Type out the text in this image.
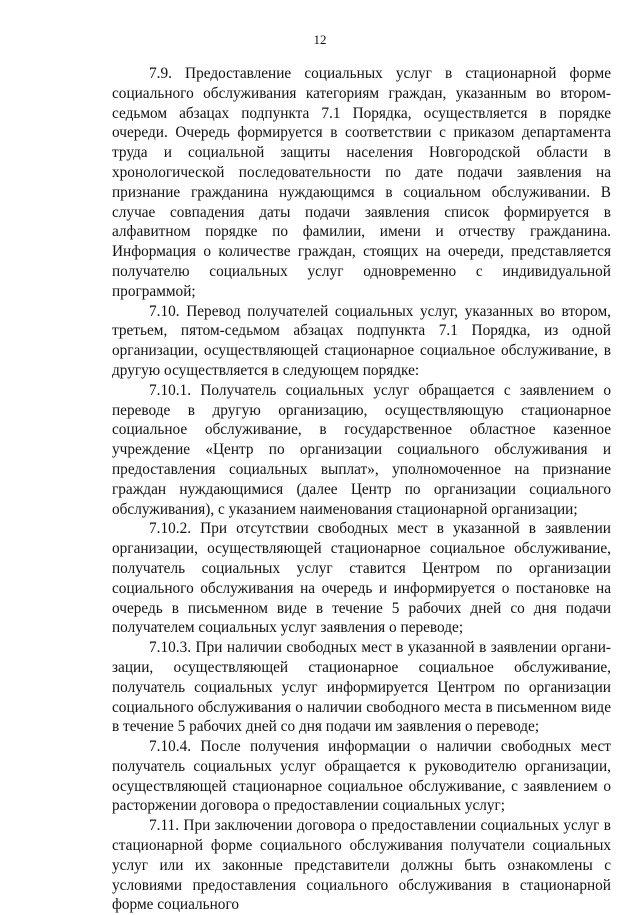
12

7.9. Предоставление социальных услуг в стационарной форме социального обслуживания категориям граждан, указанным во втором-седьмом абзацах подпункта 7.1 Порядка, осуществляется в порядке очереди. Очередь формируется в соответствии с приказом департамента труда и социальной защиты населения Новгородской области в хронологической последовательности по дате подачи заявления на признание гражданина нуждающимся в социальном обслуживании. В случае совпадения даты подачи заявления список формируется в алфавитном порядке по фамилии, имени и отчеству гражданина. Информация о количестве граждан, стоящих на очереди, представляется получателю социальных услуг одновременно с индивидуальной программой;

7.10. Перевод получателей социальных услуг, указанных во втором, третьем, пятом-седьмом абзацах подпункта 7.1 Порядка, из одной организации, осуществляющей стационарное социальное обслуживание, в другую осуществляется в следующем порядке:

7.10.1. Получатель социальных услуг обращается с заявлением о переводе в другую организацию, осуществляющую стационарное социальное обслуживание, в государственное областное казенное учреждение «Центр по организации социального обслуживания и предоставления социальных выплат», уполномоченное на признание граждан нуждающимися (далее Центр по организации социального обслуживания), с указанием наименования стационарной организации;

7.10.2. При отсутствии свободных мест в указанной в заявлении организации, осуществляющей стационарное социальное обслуживание, получатель социальных услуг ставится Центром по организации социального обслуживания на очередь и информируется о постановке на очередь в письменном виде в течение 5 рабочих дней со дня подачи получателем социальных услуг заявления о переводе;

7.10.3. При наличии свободных мест в указанной в заявлении организации, осуществляющей стационарное социальное обслуживание, получатель социальных услуг информируется Центром по организации социального обслуживания о наличии свободного места в письменном виде в течение 5 рабочих дней со дня подачи им заявления о переводе;

7.10.4. После получения информации о наличии свободных мест получатель социальных услуг обращается к руководителю организации, осуществляющей стационарное социальное обслуживание, с заявлением о расторжении договора о предоставлении социальных услуг;

7.11. При заключении договора о предоставлении социальных услуг в стационарной форме социального обслуживания получатели социальных услуг или их законные представители должны быть ознакомлены с условиями предоставления социального обслуживания в стационарной форме социального
